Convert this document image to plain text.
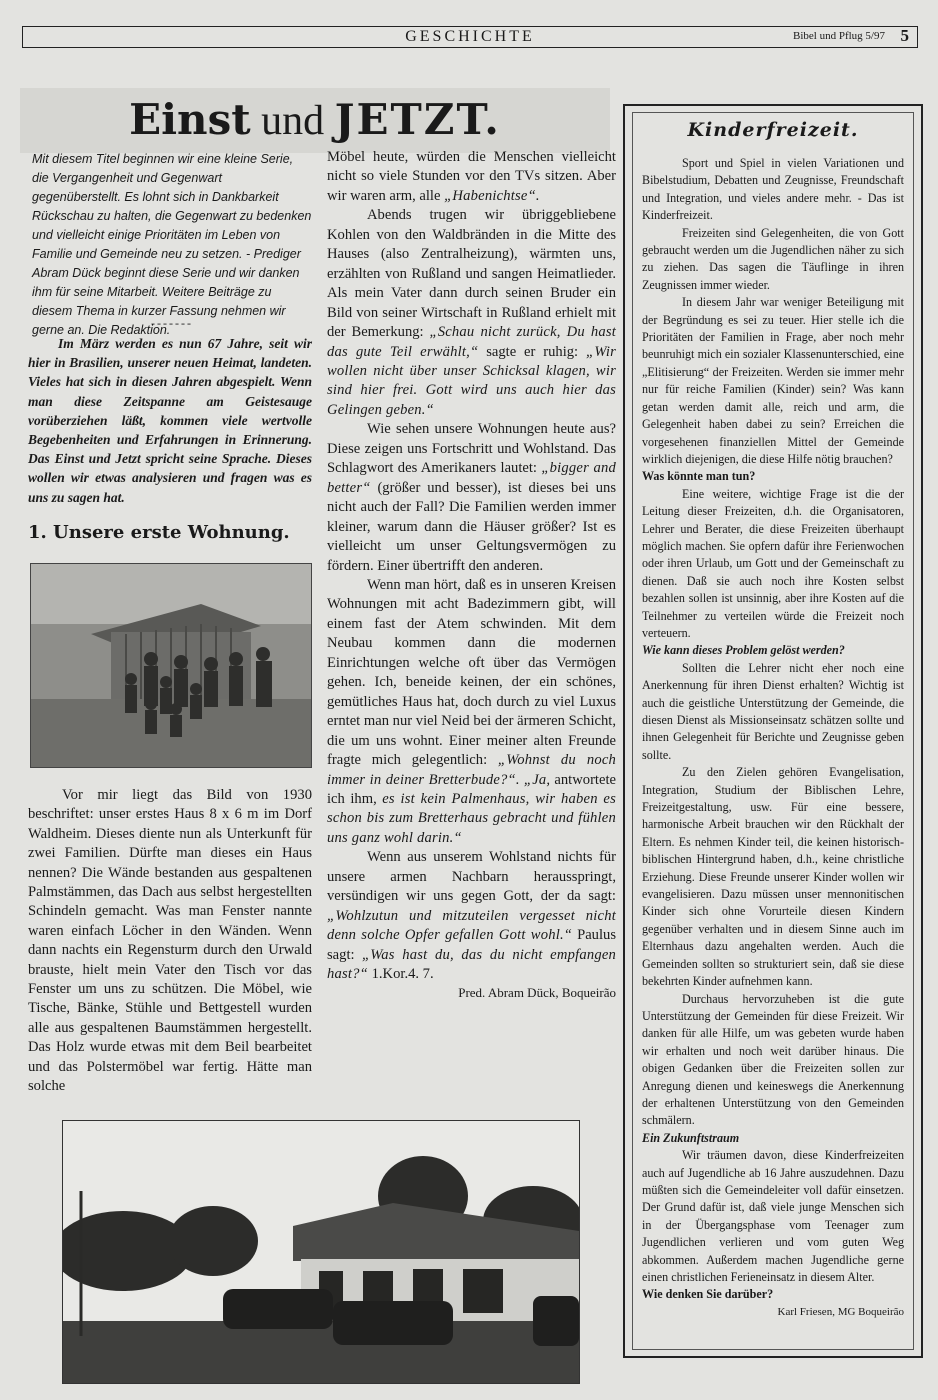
GESCHICHTE	Bibel und Pflug 5/97 5
Einst und JETZT.
Mit diesem Titel beginnen wir eine kleine Serie, die Vergangenheit und Gegenwart gegenüberstellt. Es lohnt sich in Dankbarkeit Rückschau zu halten, die Gegenwart zu bedenken und vielleicht einige Prioritäten im Leben von Familie und Gemeinde neu zu setzen. - Prediger Abram Dück beginnt diese Serie und wir danken ihm für seine Mitarbeit. Weitere Beiträge zu diesem Thema in kurzer Fassung nehmen wir gerne an. Die Redaktion.
-------

Im März werden es nun 67 Jahre, seit wir hier in Brasilien, unserer neuen Heimat, landeten. Vieles hat sich in diesen Jahren abgespielt. Wenn man diese Zeitspanne am Geistesauge vorüberziehen läßt, kommen viele wertvolle Begebenheiten und Erfahrungen in Erinnerung. Das Einst und Jetzt spricht seine Sprache. Dieses wollen wir etwas analysieren und fragen was es uns zu sagen hat.

1. Unsere erste Wohnung.

Vor mir liegt das Bild von 1930 beschriftet: unser erstes Haus 8 x 6 m im Dorf Waldheim. Dieses diente nun als Unterkunft für zwei Familien. Dürfte man dieses ein Haus nennen? Die Wände bestanden aus gespaltenen Palmstämmen, das Dach aus selbst hergestellten Schindeln gemacht. Was man Fenster nannte waren einfach Löcher in den Wänden. Wenn dann nachts ein Regensturm durch den Urwald brauste, hielt mein Vater den Tisch vor das Fenster um uns zu schützen. Die Möbel, wie Tische, Bänke, Stühle und Bettgestell wurden alle aus gespaltenen Baumstämmen hergestellt. Das Holz wurde etwas mit dem Beil bearbeitet und das Polstermöbel war fertig. Hätte man solche

Möbel heute, würden die Menschen vielleicht nicht so viele Stunden vor den TVs sitzen. Aber wir waren arm, alle „Habenichtse“.

Abends trugen wir übriggebliebene Kohlen von den Waldbränden in die Mitte des Hauses (also Zentralheizung), wärmten uns, erzählten von Rußland und sangen Heimatlieder. Als mein Vater dann durch seinen Bruder ein Bild von seiner Wirtschaft in Rußland erhielt mit der Bemerkung: „Schau nicht zurück, Du hast das gute Teil erwählt,“ sagte er ruhig: „Wir wollen nicht über unser Schicksal klagen, wir sind hier frei. Gott wird uns auch hier das Gelingen geben.“

Wie sehen unsere Wohnungen heute aus? Diese zeigen uns Fortschritt und Wohlstand. Das Schlagwort des Amerikaners lautet: „bigger and better“ (größer und besser), ist dieses bei uns nicht auch der Fall? Die Familien werden immer kleiner, warum dann die Häuser größer? Ist es vielleicht um unser Geltungsvermögen zu fördern. Einer übertrifft den anderen.

Wenn man hört, daß es in unseren Kreisen Wohnungen mit acht Badezimmern gibt, will einem fast der Atem schwinden. Mit dem Neubau kommen dann die modernen Einrichtungen welche oft über das Vermögen gehen. Ich, beneide keinen, der ein schönes, gemütliches Haus hat, doch durch zu viel Luxus erntet man nur viel Neid bei der ärmeren Schicht, die um uns wohnt. Einer meiner alten Freunde fragte mich gelegentlich: „Wohnst du noch immer in deiner Bretterbude?“. „Ja, antwortete ich ihm, es ist kein Palmenhaus, wir haben es schon bis zum Bretterhaus gebracht und fühlen uns ganz wohl darin.“

Wenn aus unserem Wohlstand nichts für unsere armen Nachbarn herausspringt, versündigen wir uns gegen Gott, der da sagt: „Wohlzutun und mitzuteilen vergesset nicht denn solche Opfer gefallen Gott wohl.“ Paulus sagt: „Was hast du, das du nicht empfangen hast?“ 1.Kor.4. 7.

Pred. Abram Dück, Boqueirão
Kinderfreizeit.

Sport und Spiel in vielen Variationen und Bibelstudium, Debatten und Zeugnisse, Freundschaft und Integration, und vieles andere mehr. - Das ist Kinderfreizeit.

Freizeiten sind Gelegenheiten, die von Gott gebraucht werden um die Jugendlichen näher zu sich zu ziehen. Das sagen die Täuflinge in ihren Zeugnissen immer wieder.

In diesem Jahr war weniger Beteiligung mit der Begründung es sei zu teuer. Hier stelle ich die Prioritäten der Familien in Frage, aber noch mehr beunruhigt mich ein sozialer Klassenunterschied, eine „Elitisierung“ der Freizeiten. Werden sie immer mehr nur für reiche Familien (Kinder) sein? Was kann getan werden damit alle, reich und arm, die Gelegenheit haben dabei zu sein? Erreichen die vorgesehenen finanziellen Mittel der Gemeinde wirklich diejenigen, die diese Hilfe nötig brauchen?

Was könnte man tun?

Eine weitere, wichtige Frage ist die der Leitung dieser Freizeiten, d.h. die Organisatoren, Lehrer und Berater, die diese Freizeiten überhaupt möglich machen. Sie opfern dafür ihre Ferienwochen oder ihren Urlaub, um Gott und der Gemeinschaft zu dienen. Daß sie auch noch ihre Kosten selbst bezahlen sollen ist unsinnig, aber ihre Kosten auf die Teilnehmer zu verteilen würde die Freizeit noch verteuern.

Wie kann dieses Problem gelöst werden?

Sollten die Lehrer nicht eher noch eine Anerkennung für ihren Dienst erhalten? Wichtig ist auch die geistliche Unterstützung der Gemeinde, die diesen Dienst als Missionseinsatz schätzen sollte und ihnen Gelegenheit für Berichte und Zeugnisse geben sollte.

Zu den Zielen gehören Evangelisation, Integration, Studium der Biblischen Lehre, Freizeitgestaltung, usw. Für eine bessere, harmonische Arbeit brauchen wir den Rückhalt der Eltern. Es nehmen Kinder teil, die keinen historisch-biblischen Hintergrund haben, d.h., keine christliche Erziehung. Diese Freunde unserer Kinder wollen wir evangelisieren. Dazu müssen unser mennonitischen Kinder sich ohne Vorurteile diesen Kindern gegenüber verhalten und in diesem Sinne auch im Elternhaus dazu angehalten werden. Auch die Gemeinden sollten so strukturiert sein, daß sie diese bekehrten Kinder aufnehmen kann.

Durchaus hervorzuheben ist die gute Unterstützung der Gemeinden für diese Freizeit. Wir danken für alle Hilfe, um was gebeten wurde haben wir erhalten und noch weit darüber hinaus. Die obigen Gedanken über die Freizeiten sollen zur Anregung dienen und keineswegs die Anerkennung der erhaltenen Unterstützung von den Gemeinden schmälern.

Ein Zukunftstraum

Wir träumen davon, diese Kinderfreizeiten auch auf Jugendliche ab 16 Jahre auszudehnen. Dazu müßten sich die Gemeindeleiter voll dafür einsetzen. Der Grund dafür ist, daß viele junge Menschen sich in der Übergangsphase vom Teenager zum Jugendlichen verlieren und vom guten Weg abkommen. Außerdem machen Jugendliche gerne einen christlichen Ferieneinsatz in diesem Alter.

Wie denken Sie darüber?

Karl Friesen, MG Boqueirão
